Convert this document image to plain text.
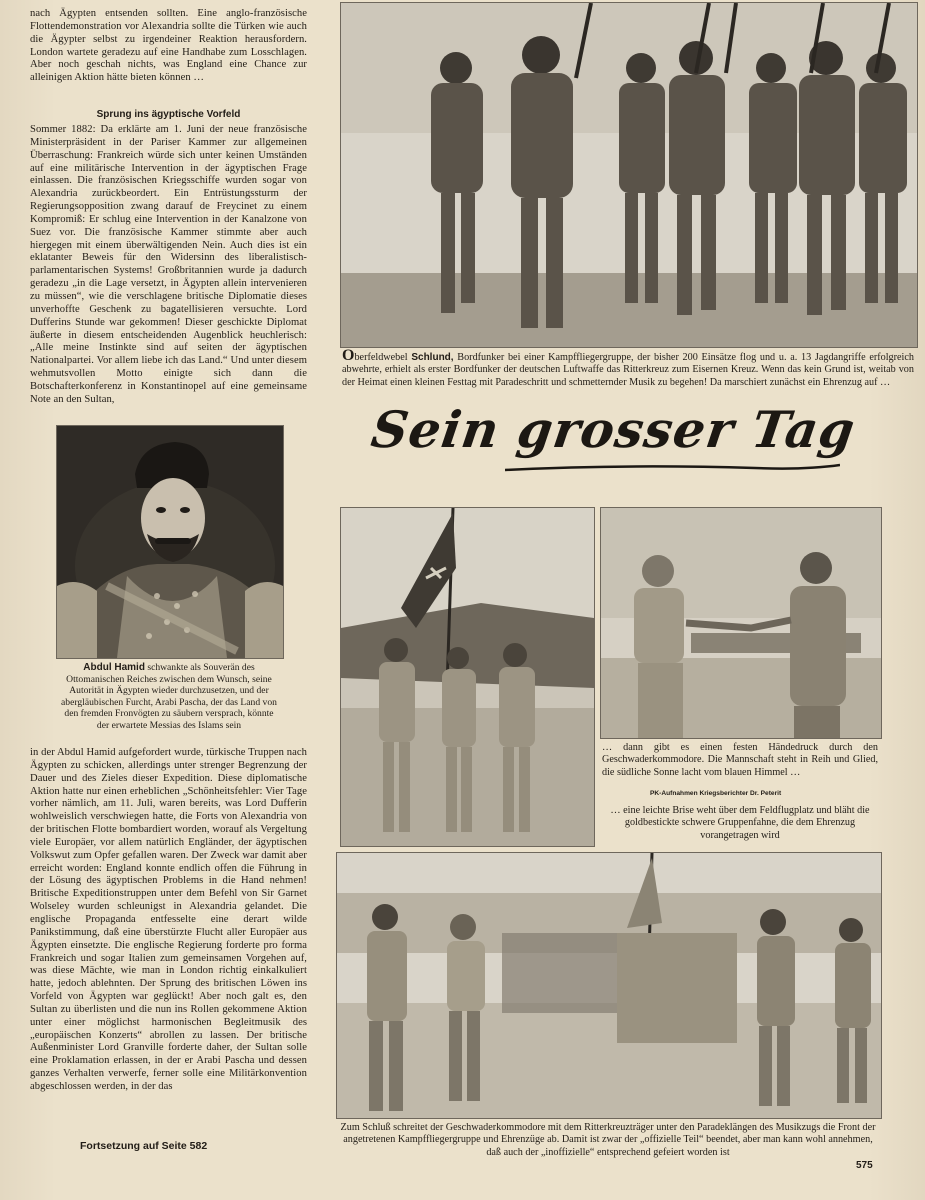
nach Ägypten entsenden sollten. Eine anglo-französische Flottendemonstration vor Alexandria sollte die Türken wie auch die Ägypter selbst zu irgendeiner Reaktion herausfordern. London wartete geradezu auf eine Handhabe zum Losschlagen. Aber noch geschah nichts, was England eine Chance zur alleinigen Aktion hätte bieten können …

Sprung ins ägyptische Vorfeld

Sommer 1882: Da erklärte am 1. Juni der neue französische Ministerpräsident in der Pariser Kammer zur allgemeinen Überraschung: Frankreich würde sich unter keinen Umständen auf eine militärische Intervention in der ägyptischen Frage einlassen. Die französischen Kriegsschiffe wurden sogar von Alexandria zurückbeordert. Ein Entrüstungssturm der Regierungsopposition zwang darauf de Freycinet zu einem Kompromiß: Er schlug eine Intervention in der Kanalzone von Suez vor. Die französische Kammer stimmte aber auch hiergegen mit einem überwältigenden Nein. Auch dies ist ein eklatanter Beweis für den Widersinn des liberalistisch-parlamentarischen Systems! Großbritannien wurde ja dadurch geradezu „in die Lage versetzt, in Ägypten allein intervenieren zu müssen“, wie die verschlagene britische Diplomatie dieses unverhoffte Geschenk zu bagatellisieren versuchte. Lord Dufferins Stunde war gekommen! Dieser geschickte Diplomat äußerte in diesem entscheidenden Augenblick heuchlerisch: „Alle meine Instinkte sind auf seiten der ägyptischen Nationalpartei. Vor allem liebe ich das Land.“ Und unter diesem wehmutsvollen Motto einigte sich dann die Botschafterkonferenz in Konstantinopel auf eine gemeinsame Note an den Sultan,

Abdul Hamid schwankte als Souverän des Ottomanischen Reiches zwischen dem Wunsch, seine Autorität in Ägypten wieder durchzusetzen, und der abergläubischen Furcht, Arabi Pascha, der das Land von den fremden Fronvögten zu säubern versprach, könnte der erwartete Messias des Islams sein

in der Abdul Hamid aufgefordert wurde, türkische Truppen nach Ägypten zu schicken, allerdings unter strenger Begrenzung der Dauer und des Zieles dieser Expedition. Diese diplomatische Aktion hatte nur einen erheblichen „Schönheitsfehler: Vier Tage vorher nämlich, am 11. Juli, waren bereits, was Lord Dufferin wohlweislich verschwiegen hatte, die Forts von Alexandria von der britischen Flotte bombardiert worden, worauf als Vergeltung viele Europäer, vor allem natürlich Engländer, der ägyptischen Volkswut zum Opfer gefallen waren. Der Zweck war damit aber erreicht worden: England konnte endlich offen die Führung in der Lösung des ägyptischen Problems in die Hand nehmen! Britische Expeditionstruppen unter dem Befehl von Sir Garnet Wolseley wurden schleunigst in Alexandria gelandet. Die englische Propaganda entfesselte eine derart wilde Panikstimmung, daß eine überstürzte Flucht aller Europäer aus Ägypten einsetzte. Die englische Regierung forderte pro forma Frankreich und sogar Italien zum gemeinsamen Vorgehen auf, was diese Mächte, wie man in London richtig einkalkuliert hatte, jedoch ablehnten. Der Sprung des britischen Löwen ins Vorfeld von Ägypten war geglückt! Aber noch galt es, den Sultan zu überlisten und die nun ins Rollen gekommene Aktion unter einer möglichst harmonischen Begleitmusik des „europäischen Konzerts“ abrollen zu lassen. Der britische Außenminister Lord Granville forderte daher, der Sultan solle eine Proklamation erlassen, in der er Arabi Pascha und dessen ganzes Verhalten verwerfe, ferner solle eine Militärkonvention abgeschlossen werden, in der das

Fortsetzung auf Seite 582
Oberfeldwebel Schlund, Bordfunker bei einer Kampffliegergruppe, der bisher 200 Einsätze flog und u. a. 13 Jagdangriffe erfolgreich abwehrte, erhielt als erster Bordfunker der deutschen Luftwaffe das Ritterkreuz zum Eisernen Kreuz. Wenn das kein Grund ist, weitab von der Heimat einen kleinen Festtag mit Paradeschritt und schmetternder Musik zu begehen! Da marschiert zunächst ein Ehrenzug auf …
Sein grosser Tag
… dann gibt es einen festen Händedruck durch den Geschwaderkommodore. Die Mannschaft steht in Reih und Glied, die südliche Sonne lacht vom blauen Himmel …
PK-Aufnahmen Kriegsberichter Dr. Peterit
… eine leichte Brise weht über dem Feldflugplatz und bläht die goldbestickte schwere Gruppenfahne, die dem Ehrenzug vorangetragen wird
Zum Schluß schreitet der Geschwaderkommodore mit dem Ritterkreuzträger unter den Paradeklängen des Musikzugs die Front der angetretenen Kampffliegergruppe und Ehrenzüge ab. Damit ist zwar der „offizielle Teil“ beendet, aber man kann wohl annehmen, daß auch der „inoffizielle“ entsprechend gefeiert worden ist
575
